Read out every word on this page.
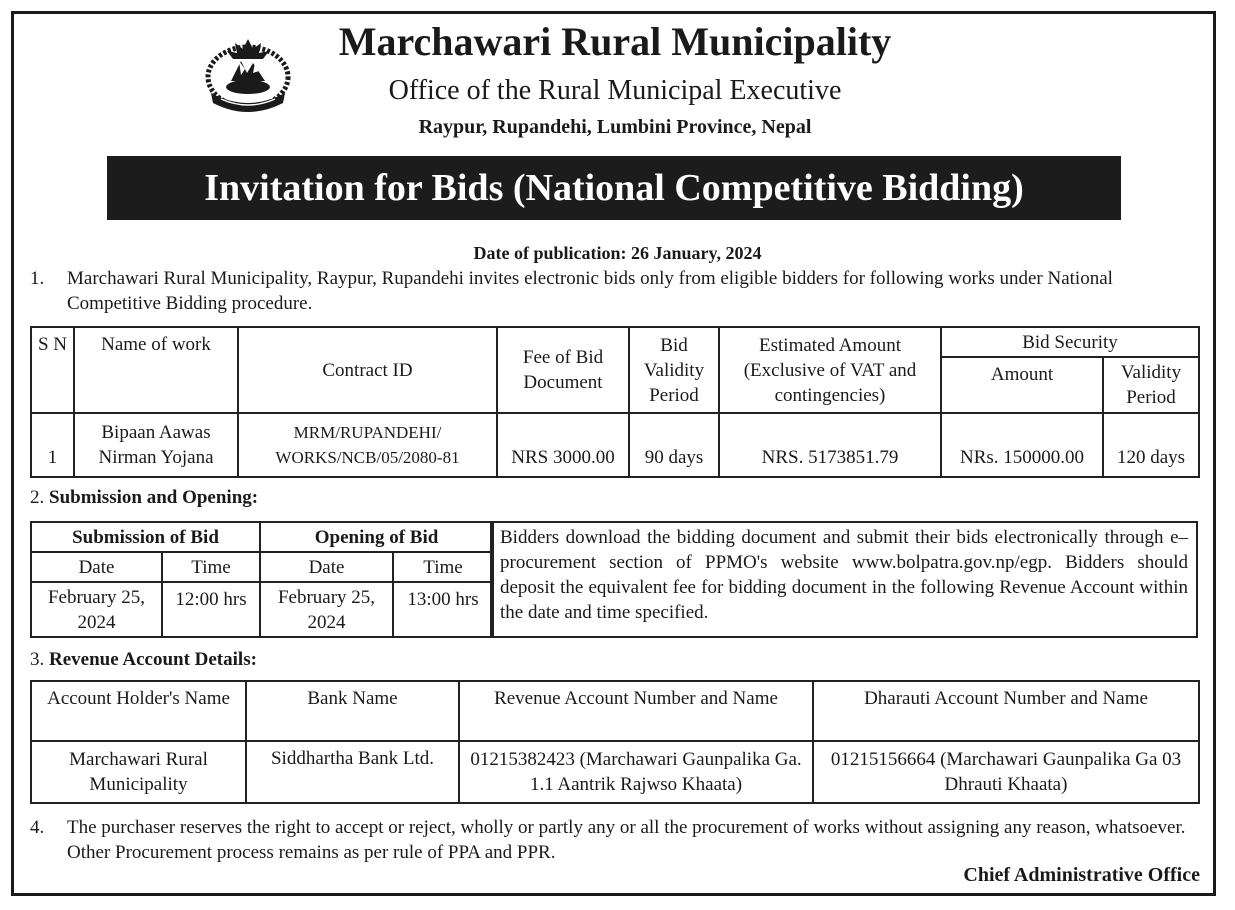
Marchawari Rural Municipality
Office of the Rural Municipal Executive
Raypur, Rupandehi, Lumbini Province, Nepal
Invitation for Bids (National Competitive Bidding)
Date of publication: 26 January, 2024
1. Marchawari Rural Municipality, Raypur, Rupandehi invites electronic bids only from eligible bidders for following works under National Competitive Bidding procedure.
S N	Name of work	Contract ID	Fee of Bid Document	Bid Validity Period	Estimated Amount (Exclusive of VAT and contingencies)	Bid Security	
						Amount	Validity Period
1	Bipaan Aawas Nirman Yojana	MRM/RUPANDEHI/ WORKS/NCB/05/2080-81	NRS 3000.00	90 days	NRS. 5173851.79	NRs. 150000.00	120 days
2. Submission and Opening:
Submission of Bid		Opening of Bid	
Date	Time	Date	Time
February 25, 2024	12:00 hrs	February 25, 2024	13:00 hrs
Bidders download the bidding document and submit their bids electronically through e–procurement section of PPMO's website www.bolpatra.gov.np/egp. Bidders should deposit the equivalent fee for bidding document in the following Revenue Account within the date and time specified.
3. Revenue Account Details:
Account Holder's Name	Bank Name	Revenue Account Number and Name	Dharauti Account Number and Name
Marchawari Rural Municipality	Siddhartha Bank Ltd.	01215382423 (Marchawari Gaunpalika Ga. 1.1 Aantrik Rajwso Khaata)	01215156664 (Marchawari Gaunpalika Ga 03 Dhrauti Khaata)
4. The purchaser reserves the right to accept or reject, wholly or partly any or all the procurement of works without assigning any reason, whatsoever. Other Procurement process remains as per rule of PPA and PPR.
Chief Administrative Office
